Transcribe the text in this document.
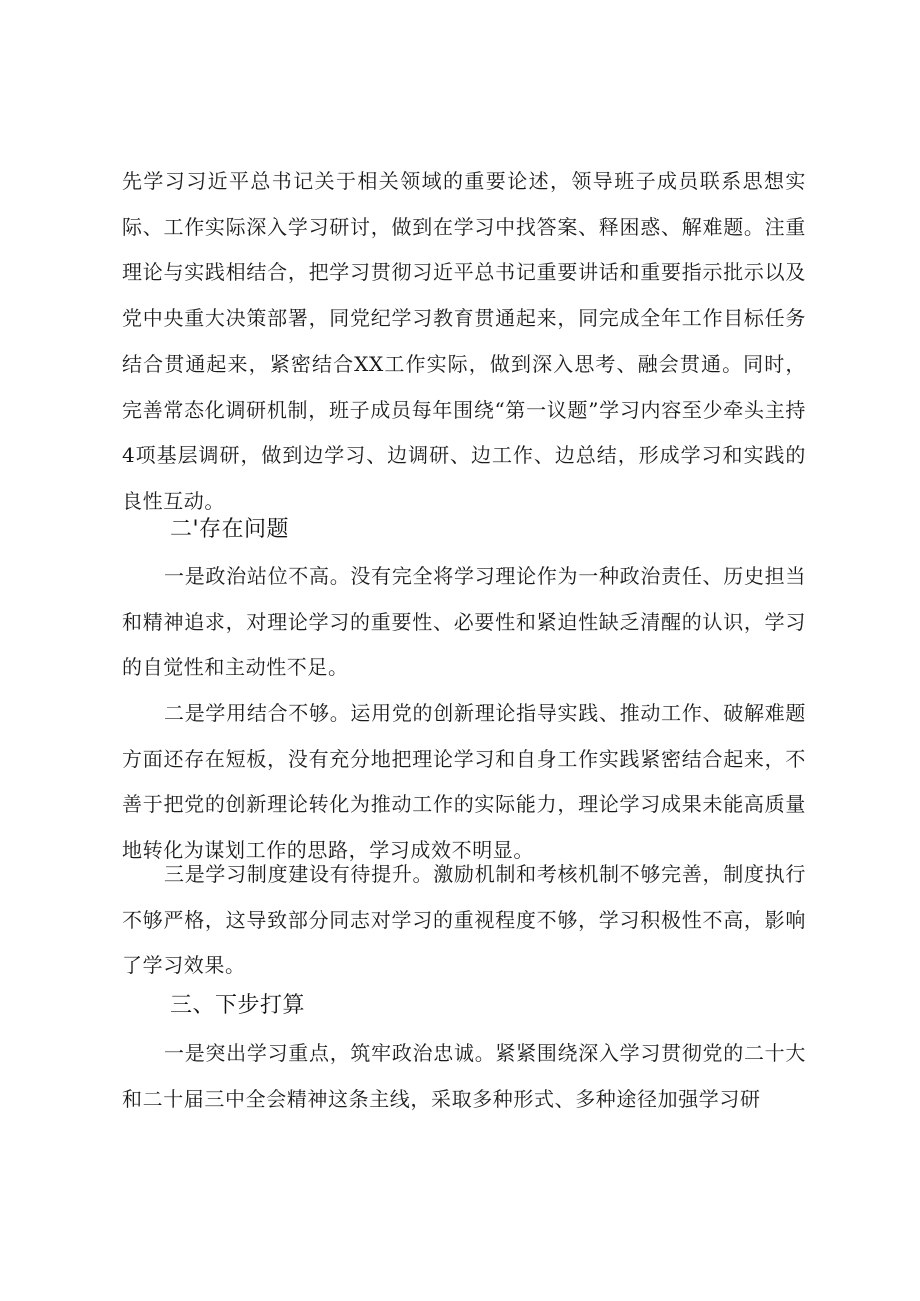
先学习习近平总书记关于相关领域的重要论述，领导班子成员联系思想实际、工作实际深入学习研讨，做到在学习中找答案、释困惑、解难题。注重理论与实践相结合，把学习贯彻习近平总书记重要讲话和重要指示批示以及党中央重大决策部署，同党纪学习教育贯通起来，同完成全年工作目标任务结合贯通起来，紧密结合XX工作实际，做到深入思考、融会贯通。同时，完善常态化调研机制，班子成员每年围绕“第一议题”学习内容至少牵头主持4项基层调研，做到边学习、边调研、边工作、边总结，形成学习和实践的良性互动。

二'存在问题

一是政治站位不高。没有完全将学习理论作为一种政治责任、历史担当和精神追求，对理论学习的重要性、必要性和紧迫性缺乏清醒的认识，学习的自觉性和主动性不足。

二是学用结合不够。运用党的创新理论指导实践、推动工作、破解难题方面还存在短板，没有充分地把理论学习和自身工作实践紧密结合起来，不善于把党的创新理论转化为推动工作的实际能力，理论学习成果未能高质量地转化为谋划工作的思路，学习成效不明显。

三是学习制度建设有待提升。激励机制和考核机制不够完善，制度执行不够严格，这导致部分同志对学习的重视程度不够，学习积极性不高，影响了学习效果。

三、下步打算

一是突出学习重点，筑牢政治忠诚。紧紧围绕深入学习贯彻党的二十大和二十届三中全会精神这条主线，采取多种形式、多种途径加强学习研
